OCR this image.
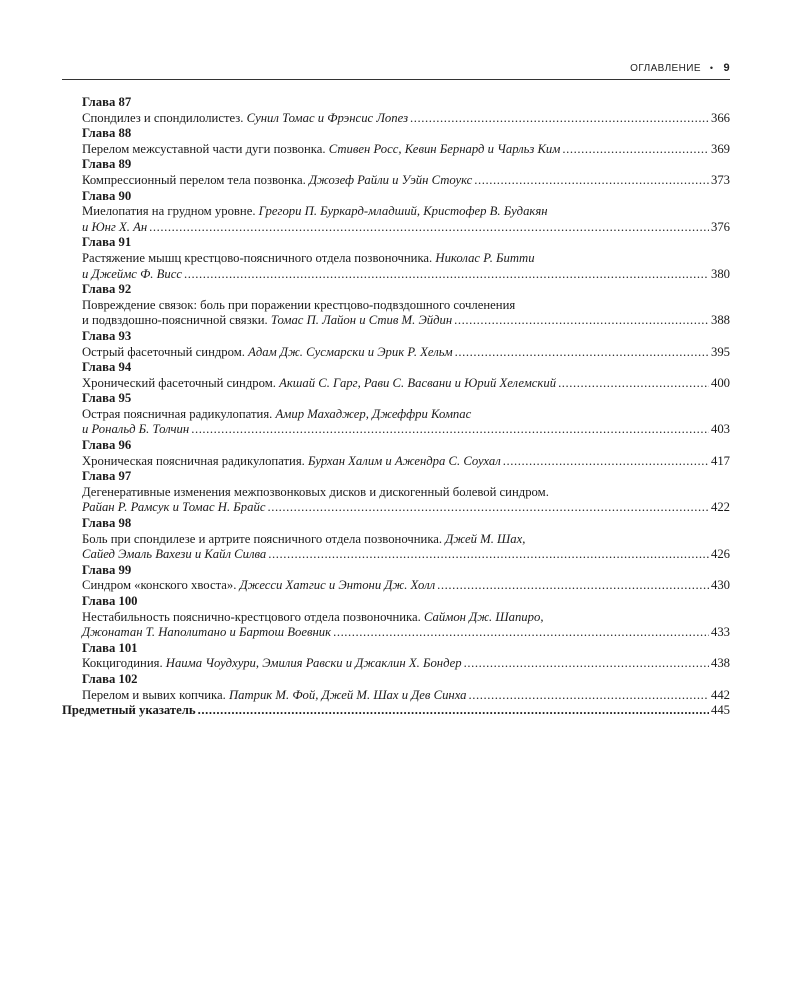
ОГЛАВЛЕНИЕ • 9
Глава 87
Спондилез и спондилолистез. Сунил Томас и Фрэнсис Лопез . . .	366
Глава 88
Перелом межсуставной части дуги позвонка. Стивен Росс, Кевин Бернард и Чарльз Ким . . .	369
Глава 89
Компрессионный перелом тела позвонка. Джозеф Райли и Уэйн Стоукс . . .	373
Глава 90
Миелопатия на грудном уровне. Грегори П. Буркард-младший, Кристофер В. Будакян
и Юнг Х. Ан . . .	376
Глава 91
Растяжение мышц крестцово-поясничного отдела позвоночника. Николас Р. Битти
и Джеймс Ф. Висс . . .	380
Глава 92
Повреждение связок: боль при поражении крестцово-подвздошного сочленения
и подвздошно-поясничной связки. Томас П. Лайон и Стив М. Эйдин . . .	388
Глава 93
Острый фасеточный синдром. Адам Дж. Сусмарски и Эрик Р. Хельм . . .	395
Глава 94
Хронический фасеточный синдром. Акшай С. Гарг, Рави С. Васвани и Юрий Хелемский . . .	400
Глава 95
Острая поясничная радикулопатия. Амир Махаджер, Джеффри Компас
и Рональд Б. Толчин . . .	403
Глава 96
Хроническая поясничная радикулопатия. Бурхан Халим и Ажендра С. Соухал . . .	417
Глава 97
Дегенеративные изменения межпозвонковых дисков и дискогенный болевой синдром.
Райан Р. Рамсук и Томас Н. Брайс . . .	422
Глава 98
Боль при спондилезе и артрите поясничного отдела позвоночника. Джей М. Шах,
Сайед Эмаль Вахези и Кайл Силва . . .	426
Глава 99
Синдром «конского хвоста». Джесси Хатгис и Энтони Дж. Холл . . .	430
Глава 100
Нестабильность пояснично-крестцового отдела позвоночника. Саймон Дж. Шапиро,
Джонатан Т. Наполитано и Бартош Воевник . . .	433
Глава 101
Кокцигодиния. Наима Чоудхури, Эмилия Равски и Джаклин Х. Бондер . . .	438
Глава 102
Перелом и вывих копчика. Патрик М. Фой, Джей М. Шах и Дев Синха . . .	442
Предметный указатель . . .	445
